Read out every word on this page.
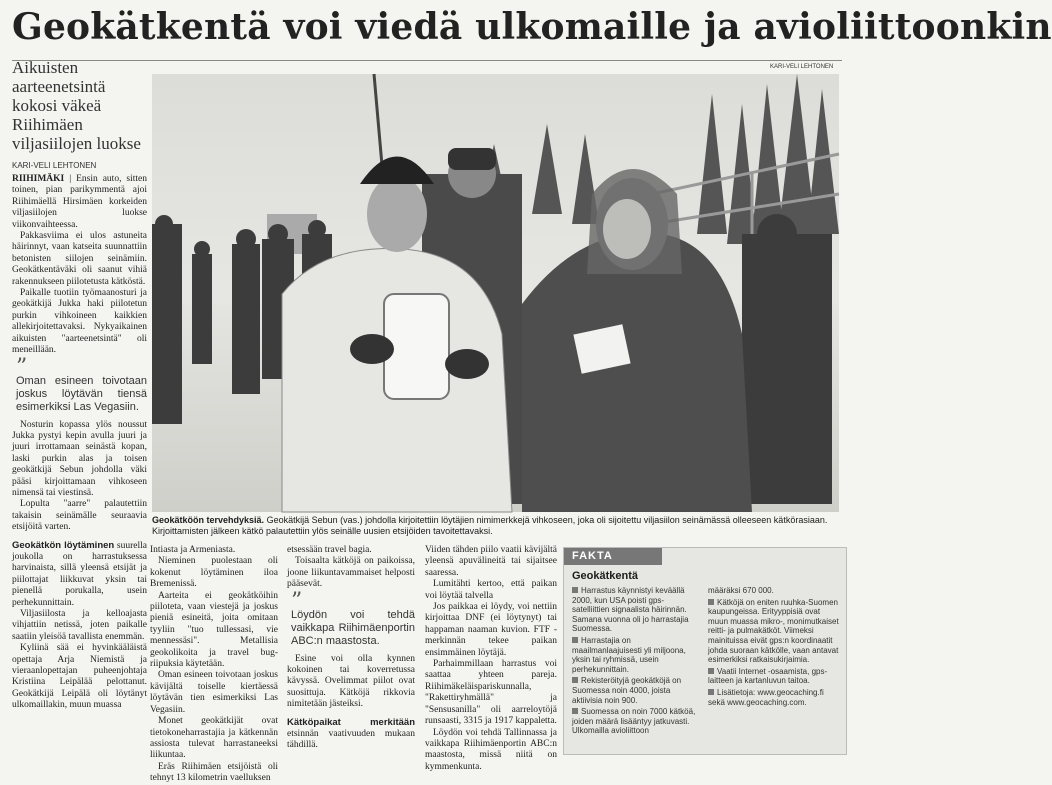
Geokätkentä voi viedä ulkomaille ja avioliittoonkin
Aikuisten aarteenetsintä kokosi väkeä Riihimäen viljasiilojen luokse
KARI-VELI LEHTONEN
KARI-VELI LEHTONEN

RIIHIMÄKI | Ensin auto, sitten toinen, pian parikymmentä ajoi Riihimäellä Hirsimäen korkeiden viljasiilojen luokse viikonvaihteessa.

Pakkasviima ei ulos astuneita häirinnyt, vaan katseita suunnattiin betonisten siilojen seinämiin. Geokätkentäväki oli saanut vihiä rakennukseen piilotetusta kätköstä.

Paikalle tuotiin työmaanosturi ja geokätkijä Jukka haki piilotetun purkin vihkoineen kaikkien allekirjoitettavaksi. Nykyaikainen aikuisten "aarteenetsintä" oli meneillään.

”
Oman esineen toivotaan joskus löytävän tiensä esimerkiksi Las Vegasiin.

Nosturin kopassa ylös noussut Jukka pystyi kepin avulla juuri ja juuri irrottamaan seinästä kopan, laski purkin alas ja toisen geokätkijä Sebun johdolla väki pääsi kirjoittamaan vihkoseen nimensä tai viestinsä.

Lopulta "aarre" palautettiin takaisin seinämälle seuraavia etsijöitä varten.

Geokätkön löytäminen suurella joukolla on harrastuksessa harvinaista, sillä yleensä etsijät ja piilottajat liikkuvat yksin tai pienellä porukalla, usein perhekunnittain.

Viljasiilosta ja kelloajasta vihjattiin netissä, joten paikalle saatiin yleisöä tavallista enemmän.

Kyliinä sää ei hyvinkääläistä opettaja Arja Niemistä ja vieraanlopettajan puheenjohtaja Kristiina Leipälää pelottanut. Geokätkijä Leipälä oli löytänyt ulkomaillakin, muun muassa

Geokätköön tervehdyksiä. Geokätkijä Sebun (vas.) johdolla kirjoitettiin löytäjien nimimerkkejä vihkoseen, joka oli sijoitettu viljasiilon seinämässä olleeseen kätkörasiaan. Kirjoittamisten jälkeen kätkö palautettiin ylös seinälle uusien etsijöiden tavoitettavaksi.

Intiasta ja Armeniasta.

Nieminen puolestaan oli kokenut löytäminen iloa Bremenissä.

Aarteita ei geokätköihin piiloteta, vaan viestejä ja joskus pieniä esineitä, joita omitaan tyyliin "tuo tullessasi, vie mennessäsi". Metallisia geokolikoita ja travel bug-riipuksia käytetään.

Oman esineen toivotaan joskus kävijältä toiselle kiertäessä löytävän tien esimerkiksi Las Vegasiin.

Monet geokätkijät ovat tietokoneharrastajia ja kätkennän assiosta tulevat harrastaneeksi liikuntaa.

Eräs Riihimäen etsijöistä oli tehnyt 13 kilometrin vaelluksen

etsessään travel bagia.

Toisaalta kätköjä on paikoissa, joone liikuntavammaiset helposti pääsevät.

”
Löydön voi tehdä vaikkapa Riihimäenportin ABC:n maastosta.

Esine voi olla kynnen kokoinen tai koverretussa kävyssä. Ovelimmat piilot ovat suosittuja. Kätköjä rikkovia nimitetään jästeiksi.

Kätköpaikat merkitään etsinnän vaativuuden mukaan tähdillä.

Viiden tähden piilo vaatii kävijältä yleensä apuvälineitä tai sijaitsee saaressa.

Lumitähti kertoo, että paikan voi löytää talvella

Jos paikkaa ei löydy, voi nettiin kirjoittaa DNF (ei löytynyt) tai happaman naaman kuvion. FTF -merkinnän tekee paikan ensimmäinen löytäjä.

Parhaimmillaan harrastus voi saattaa yhteen pareja. Riihimäkeläispariskunnalla, "Rakettiryhmällä" ja "Sensusanilla" oli aarreloytöjä runsaasti, 3315 ja 1917 kappaletta.

Löydön voi tehdä Tallinnassa ja vaikkapa Riihimäenportin ABC:n maastosta, missä niitä on kymmenkunta.

FAKTA
Geokätkentä

Harrastus käynnistyi keväällä 2000, kun USA poisti gps-satelliittien signaalista häirinnän. Samana vuonna oli jo harrastajia Suomessa.

Harrastajia on maailmanlaajuisesti yli miljoona, yksin tai ryhmissä, usein perhekunnittain.

Rekisteröityjä geokätköjä on Suomessa noin 4000, joista aktiivisia noin 900.

Suomessa on noin 7000 kätköä, joiden määrä lisääntyy jatkuvasti. Ulkomailla avioliittoon

määräksi 670 000.

Kätköjä on eniten ruuhka-Suomen kaupungeissa. Erityyppisiä ovat muun muassa mikro-, monimutkaiset reitti- ja pulmakätköt. Viimeksi mainituissa eivät gps:n koordinaatit johda suoraan kätkölle, vaan antavat esimerkiksi ratkaisukirjaimia.

Vaatii Internet -osaamista, gps-laitteen ja kartanluvun taitoa.

Lisätietoja: www.geocaching.fi sekä www.geocaching.com.
